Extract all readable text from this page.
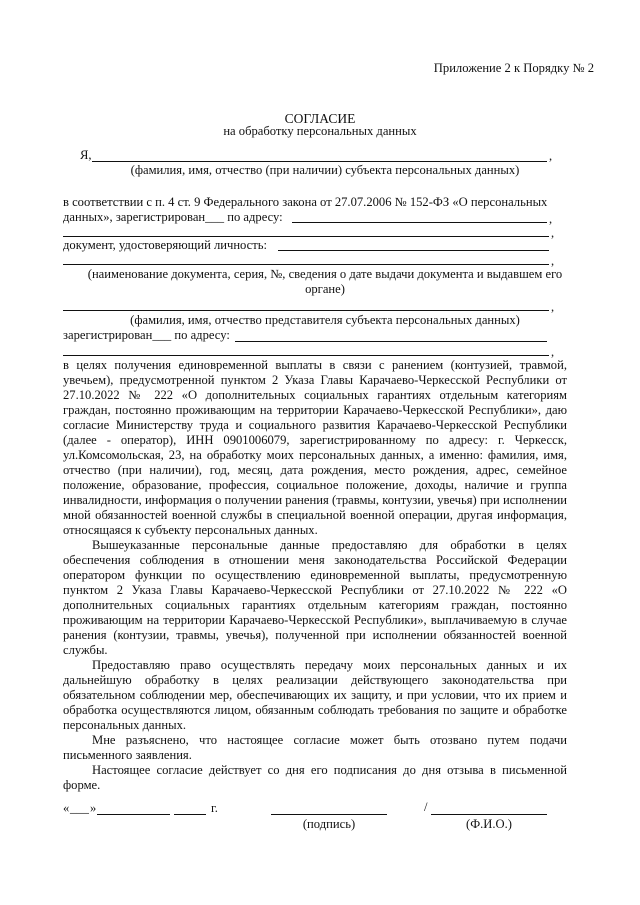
Приложение 2 к Порядку № 2
СОГЛАСИЕ
на обработку персональных данных
Я,	,
(фамилия, имя, отчество (при наличии) субъекта персональных данных)
в соответствии с п. 4 ст. 9 Федерального закона от 27.07.2006 № 152-ФЗ «О персональных
данных», зарегистрирован___ по адресу:	,
,
документ, удостоверяющий личность:
,
(наименование документа, серия, №, сведения о дате выдачи документа и выдавшем его
органе)
,
(фамилия, имя, отчество представителя субъекта персональных данных)
зарегистрирован___ по адресу:
,
в целях получения единовременной выплаты в связи с ранением (контузией, травмой, увечьем), предусмотренной пунктом 2 Указа Главы Карачаево-Черкесской Республики от 27.10.2022 № 222 «О дополнительных социальных гарантиях отдельным категориям граждан, постоянно проживающим на территории Карачаево-Черкесской Республики», даю согласие Министерству труда и социального развития Карачаево-Черкесской Республики (далее - оператор), ИНН 0901006079, зарегистрированному по адресу: г. Черкесск, ул.Комсомольская, 23, на обработку моих персональных данных, а именно: фамилия, имя, отчество (при наличии), год, месяц, дата рождения, место рождения, адрес, семейное положение, образование, профессия, социальное положение, доходы, наличие и группа инвалидности, информация о получении ранения (травмы, контузии, увечья) при исполнении мной обязанностей военной службы в специальной военной операции, другая информация, относящаяся к субъекту персональных данных.
Вышеуказанные персональные данные предоставляю для обработки в целях обеспечения соблюдения в отношении меня законодательства Российской Федерации оператором функции по осуществлению единовременной выплаты, предусмотренную пунктом 2 Указа Главы Карачаево-Черкесской Республики от 27.10.2022 № 222 «О дополнительных социальных гарантиях отдельным категориям граждан, постоянно проживающим на территории Карачаево-Черкесской Республики», выплачиваемую в случае ранения (контузии, травмы, увечья), полученной при исполнении обязанностей военной службы.
Предоставляю право осуществлять передачу моих персональных данных и их дальнейшую обработку в целях реализации действующего законодательства при обязательном соблюдении мер, обеспечивающих их защиту, и при условии, что их прием и обработка осуществляются лицом, обязанным соблюдать требования по защите и обработке персональных данных.
Мне разъяснено, что настоящее согласие может быть отозвано путем подачи письменного заявления.
Настоящее согласие действует со дня его подписания до дня отзыва в письменной форме.
« ___ »	г.	/
(подпись)	(Ф.И.О.)
